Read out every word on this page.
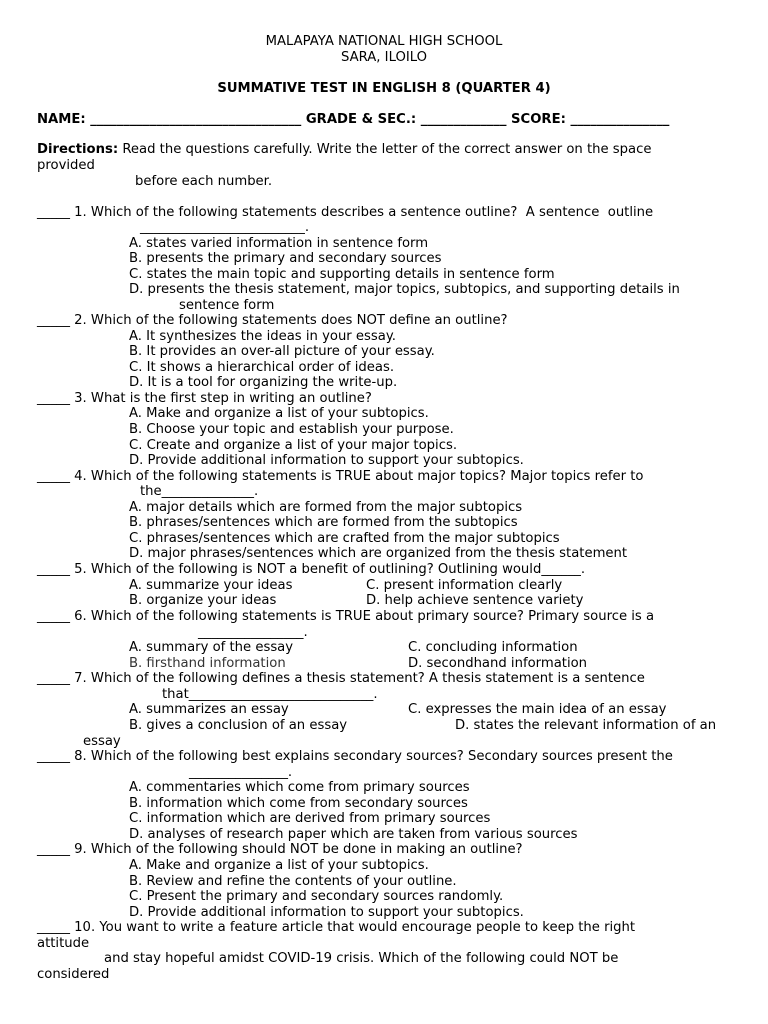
MALAPAYA NATIONAL HIGH SCHOOL
SARA, ILOILO
SUMMATIVE TEST IN ENGLISH 8 (QUARTER 4)
NAME: ________________________________ GRADE & SEC.: _____________ SCORE: _______________
Directions: Read the questions carefully. Write the letter of the correct answer on the space
provided
before each number.
_____ 1. Which of the following statements describes a sentence outline?  A sentence  outline
_________________________.
A. states varied information in sentence form
B. presents the primary and secondary sources
C. states the main topic and supporting details in sentence form
D. presents the thesis statement, major topics, subtopics, and supporting details in
sentence form
_____ 2. Which of the following statements does NOT define an outline?
A. It synthesizes the ideas in your essay.
B. It provides an over-all picture of your essay.
C. It shows a hierarchical order of ideas.
D. It is a tool for organizing the write-up.
_____ 3. What is the first step in writing an outline?
A. Make and organize a list of your subtopics.
B. Choose your topic and establish your purpose.
C. Create and organize a list of your major topics.
D. Provide additional information to support your subtopics.
_____ 4. Which of the following statements is TRUE about major topics? Major topics refer to
the______________.
A. major details which are formed from the major subtopics
B. phrases/sentences which are formed from the subtopics
C. phrases/sentences which are crafted from the major subtopics
D. major phrases/sentences which are organized from the thesis statement
_____ 5. Which of the following is NOT a benefit of outlining? Outlining would______.
A. summarize your ideas	C. present information clearly
B. organize your ideas	D. help achieve sentence variety
_____ 6. Which of the following statements is TRUE about primary source? Primary source is a
________________.
A. summary of the essay	C. concluding information
B. firsthand information	D. secondhand information
_____ 7. Which of the following defines a thesis statement? A thesis statement is a sentence
that____________________________.
A. summarizes an essay	C. expresses the main idea of an essay
B. gives a conclusion of an essay	D. states the relevant information of an
essay
_____ 8. Which of the following best explains secondary sources? Secondary sources present the
_______________.
A. commentaries which come from primary sources
B. information which come from secondary sources
C. information which are derived from primary sources
D. analyses of research paper which are taken from various sources
_____ 9. Which of the following should NOT be done in making an outline?
A. Make and organize a list of your subtopics.
B. Review and refine the contents of your outline.
C. Present the primary and secondary sources randomly.
D. Provide additional information to support your subtopics.
_____ 10. You want to write a feature article that would encourage people to keep the right
attitude
and stay hopeful amidst COVID-19 crisis. Which of the following could NOT be
considered
